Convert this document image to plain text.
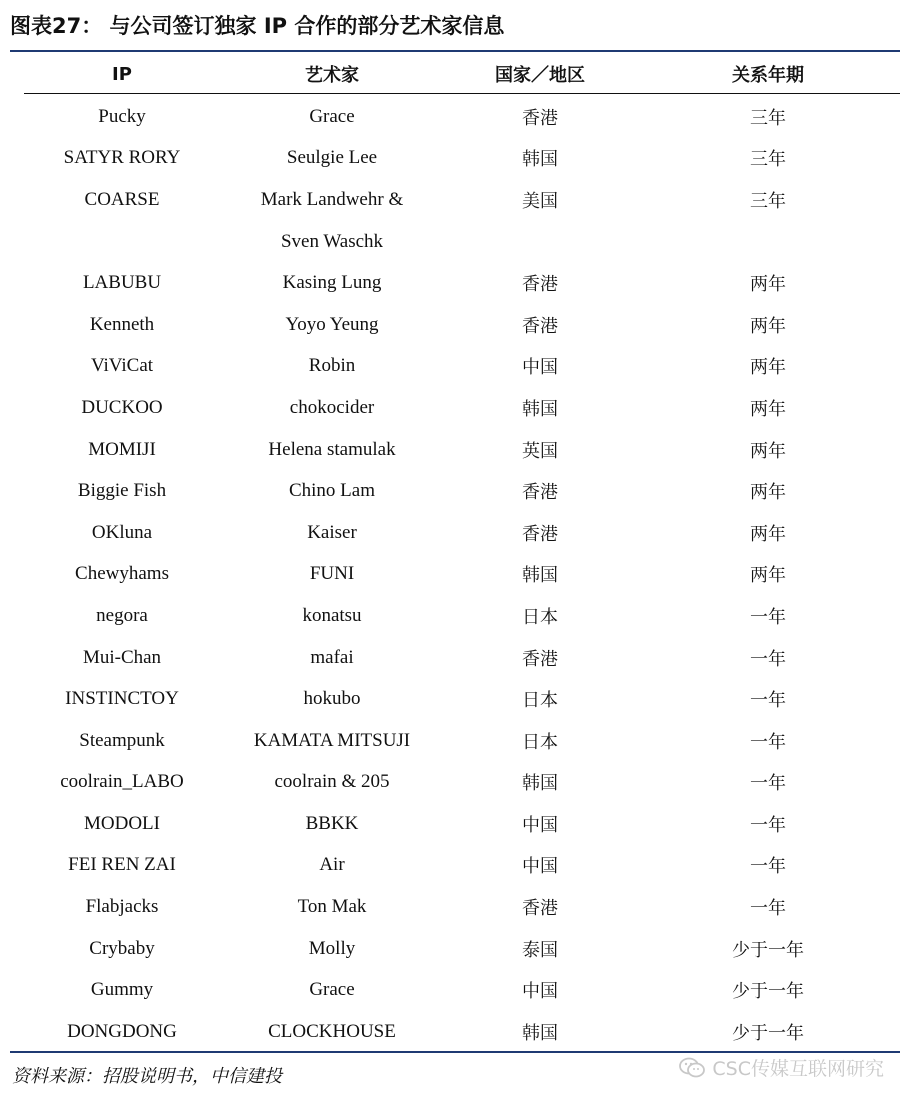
图表27： 与公司签订独家 IP 合作的部分艺术家信息
IP	艺术家	国家／地区	关系年期
Pucky	Grace	香港	三年
SATYR RORY	Seulgie Lee	韩国	三年
COARSE	Mark Landwehr &	美国	三年
Sven Waschk
LABUBU	Kasing Lung	香港	两年
Kenneth	Yoyo Yeung	香港	两年
ViViCat	Robin	中国	两年
DUCKOO	chokocider	韩国	两年
MOMIJI	Helena stamulak	英国	两年
Biggie Fish	Chino Lam	香港	两年
OKluna	Kaiser	香港	两年
Chewyhams	FUNI	韩国	两年
negora	konatsu	日本	一年
Mui-Chan	mafai	香港	一年
INSTINCTOY	hokubo	日本	一年
Steampunk	KAMATA MITSUJI	日本	一年
coolrain_LABO	coolrain & 205	韩国	一年
MODOLI	BBKK	中国	一年
FEI REN ZAI	Air	中国	一年
Flabjacks	Ton Mak	香港	一年
Crybaby	Molly	泰国	少于一年
Gummy	Grace	中国	少于一年
DONGDONG	CLOCKHOUSE	韩国	少于一年
资料来源：招股说明书，中信建投	CSC传媒互联网研究
